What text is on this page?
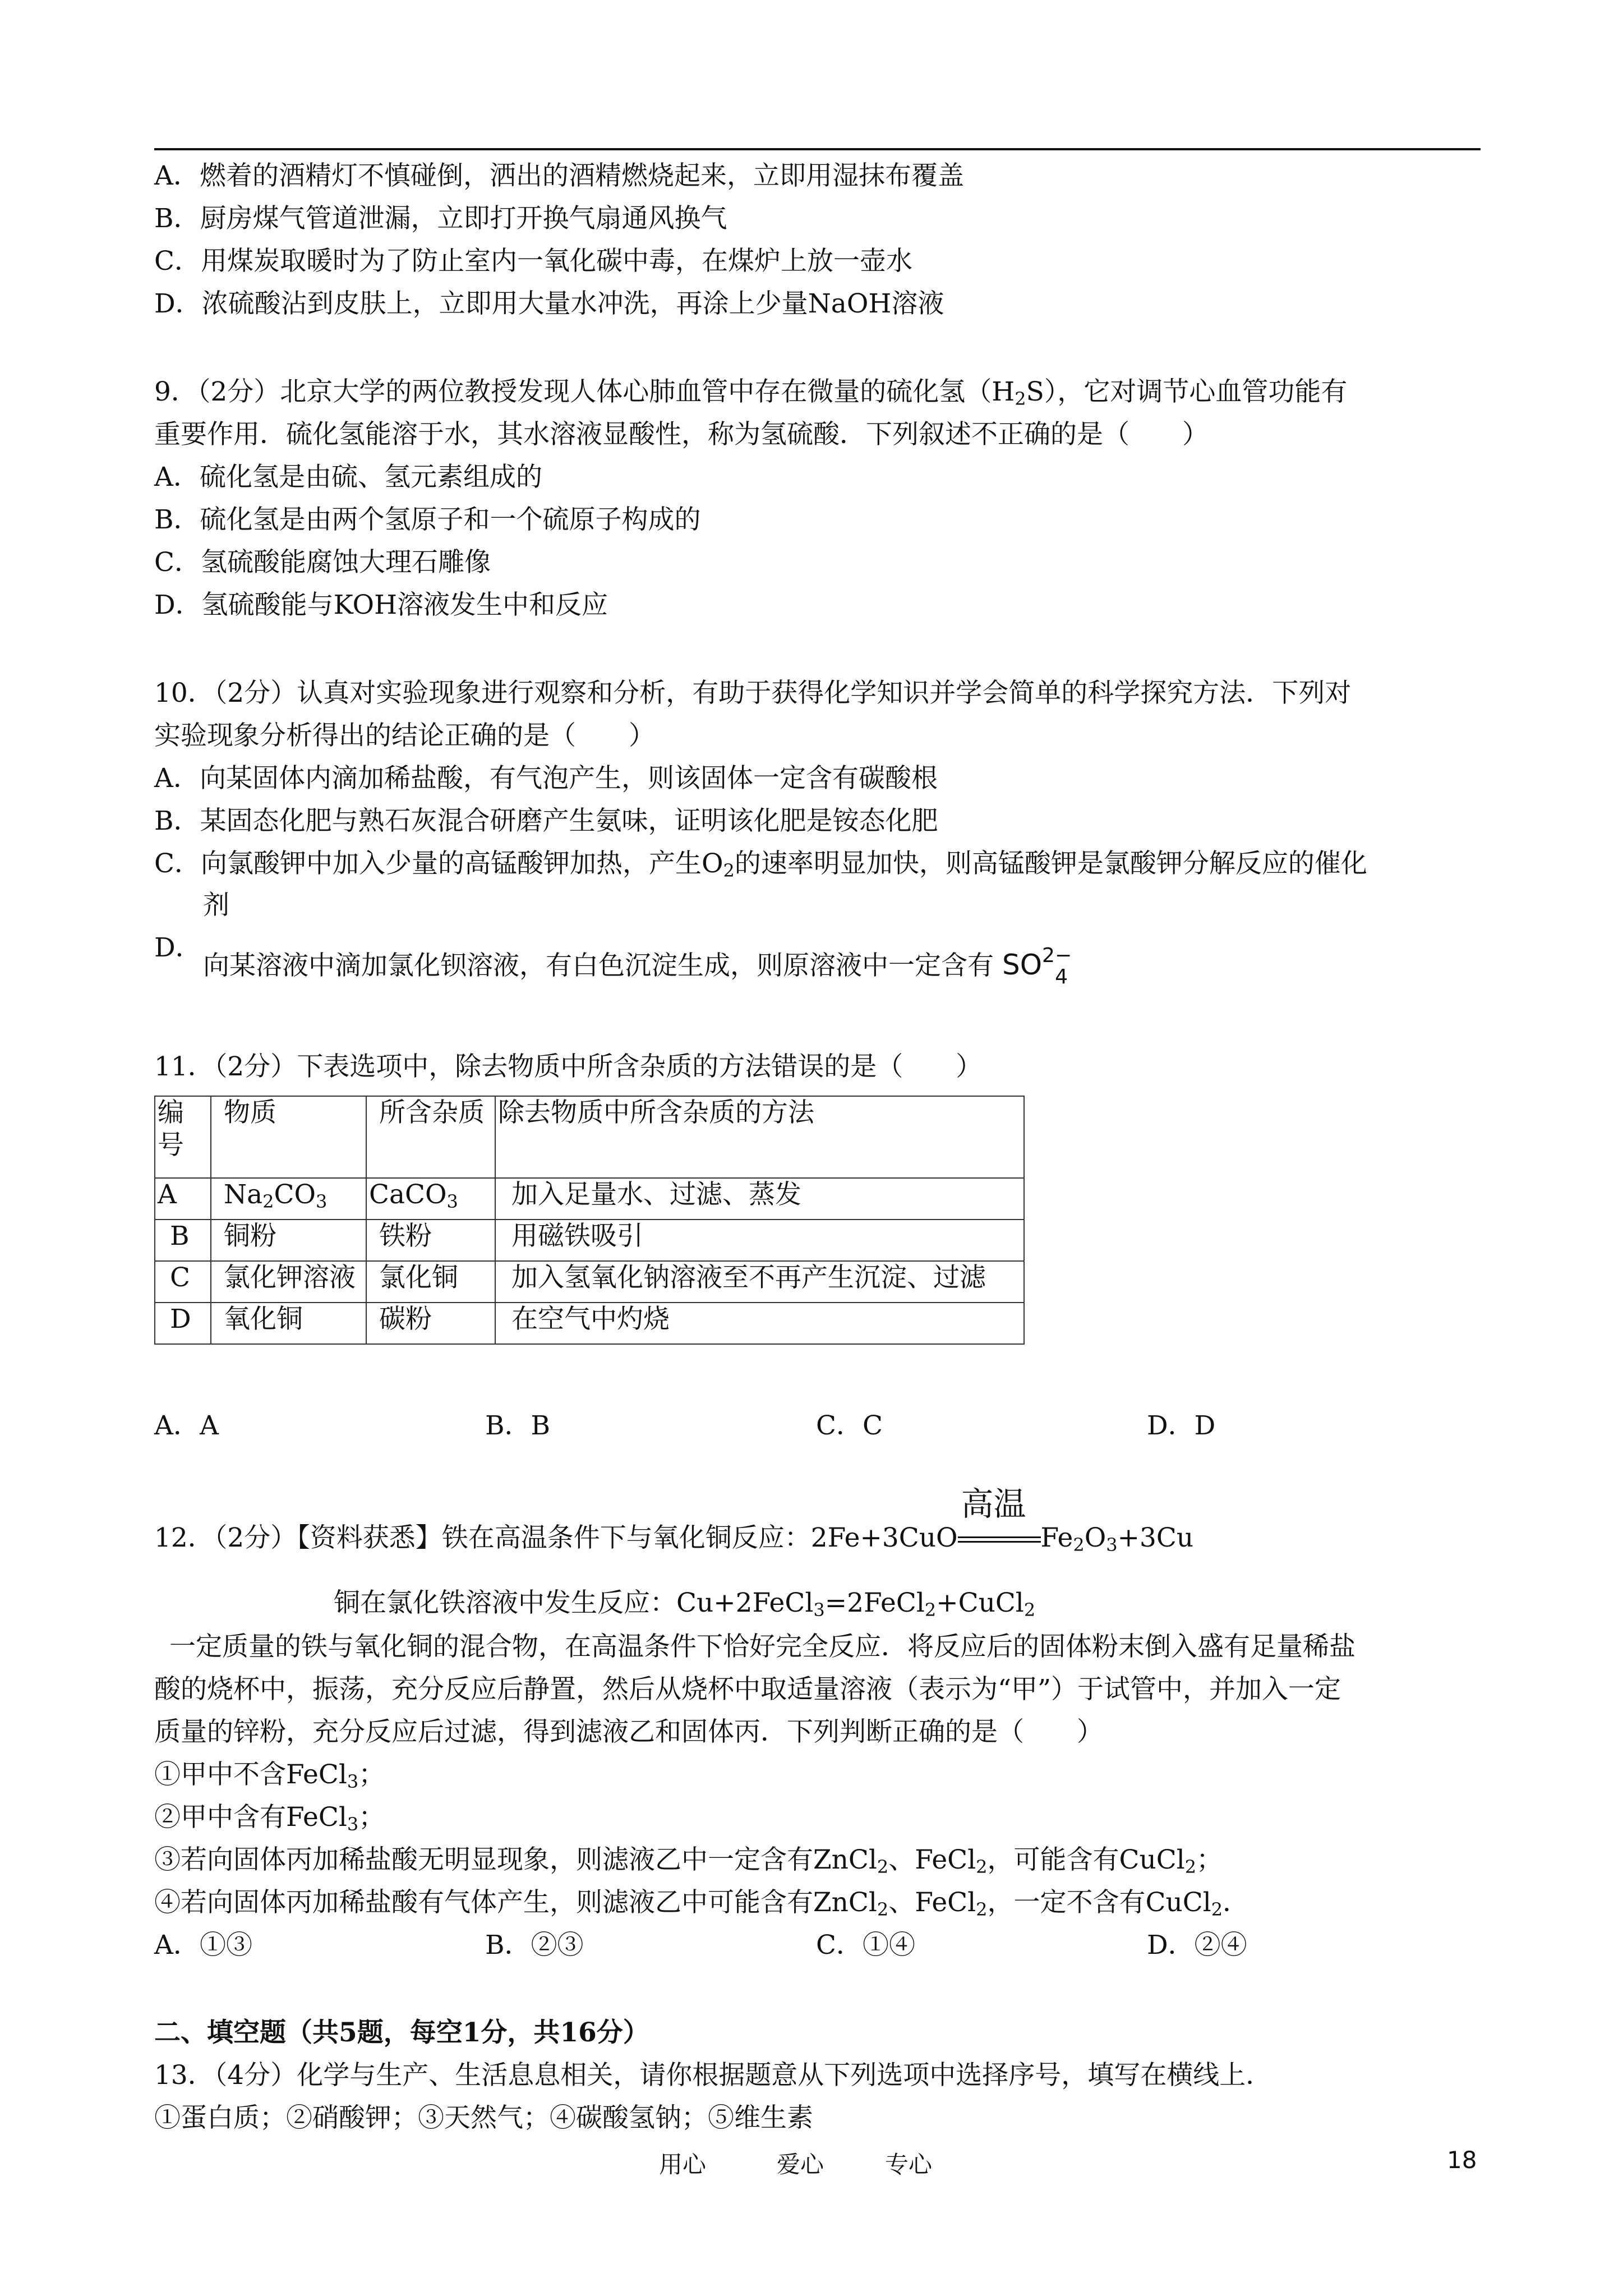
A．燃着的酒精灯不慎碰倒，洒出的酒精燃烧起来，立即用湿抹布覆盖
B．厨房煤气管道泄漏，立即打开换气扇通风换气
C．用煤炭取暖时为了防止室内一氧化碳中毒，在煤炉上放一壶水
D．浓硫酸沾到皮肤上，立即用大量水冲洗，再涂上少量NaOH溶液
9．（2分）北京大学的两位教授发现人体心肺血管中存在微量的硫化氢$(H_2S)$，它对调节心血管功能有
重要作用．硫化氢能溶于水，其水溶液显酸性，称为氢硫酸．下列叙述不正确的是（　　）
A．硫化氢是由硫、氢元素组成的
B．硫化氢是由两个氢原子和一个硫原子构成的
C．氢硫酸能腐蚀大理石雕像
D．氢硫酸能与KOH溶液发生中和反应
10．（2分）认真对实验现象进行观察和分析，有助于获得化学知识并学会简单的科学探究方法．下列对
实验现象分析得出的结论正确的是（　　）
A．向某固体内滴加稀盐酸，有气泡产生，则该固体一定含有碳酸根
B．某固态化肥与熟石灰混合研磨产生氨味，证明该化肥是铵态化肥
C．向氯酸钾中加入少量的高锰酸钾加热，产生$O_2$的速率明显加快，则高锰酸钾是氯酸钾分解反应的催化
剂
D．
向某溶液中滴加氯化钡溶液，有白色沉淀生成，则原溶液中一定含有 $SO^{2-}_4$
11．（2分）下表选项中，除去物质中所含杂质的方法错误的是（　　）
编
号	物质	所含杂质	除去物质中所含杂质的方法
A	$Na_2CO_3$	CaCO$_3$	加入足量水、过滤、蒸发
B	铜粉	铁粉	用磁铁吸引
C	氯化钾溶液	氯化铜	加入氢氧化钠溶液至不再产生沉淀、过滤
D	氧化铜	碳粉	在空气中灼烧
A．A	B．B	C．C	D．D
12．（2分）【资料获悉】铁在高温条件下与氧化铜反应：2Fe+3CuO
高温
$Fe_2O_3+3Cu$
铜在氯化铁溶液中发生反应：Cu+2FeCl$_3$=2FeCl$_2$+CuCl$_2$
一定质量的铁与氧化铜的混合物，在高温条件下恰好完全反应．将反应后的固体粉末倒入盛有足量稀盐
酸的烧杯中，振荡，充分反应后静置，然后从烧杯中取适量溶液（表示为“甲”）于试管中，并加入一定
质量的锌粉，充分反应后过滤，得到滤液乙和固体丙．下列判断正确的是（　　）
①甲中不含FeCl$_3$；
②甲中含有FeCl$_3$；
③若向固体丙加稀盐酸无明显现象，则滤液乙中一定含有ZnCl$_2$、FeCl$_2$，可能含有CuCl$_2$；
④若向固体丙加稀盐酸有气体产生，则滤液乙中可能含有ZnCl$_2$、FeCl$_2$，一定不含有CuCl$_2$．
A．①③	B．②③	C．①④	D．②④
二、填空题（共5题，每空1分，共16分）
13．（4分）化学与生产、生活息息相关，请你根据题意从下列选项中选择序号，填写在横线上．
①蛋白质；②硝酸钾；③天然气；④碳酸氢钠；⑤维生素
用心	爱心	专心	18
